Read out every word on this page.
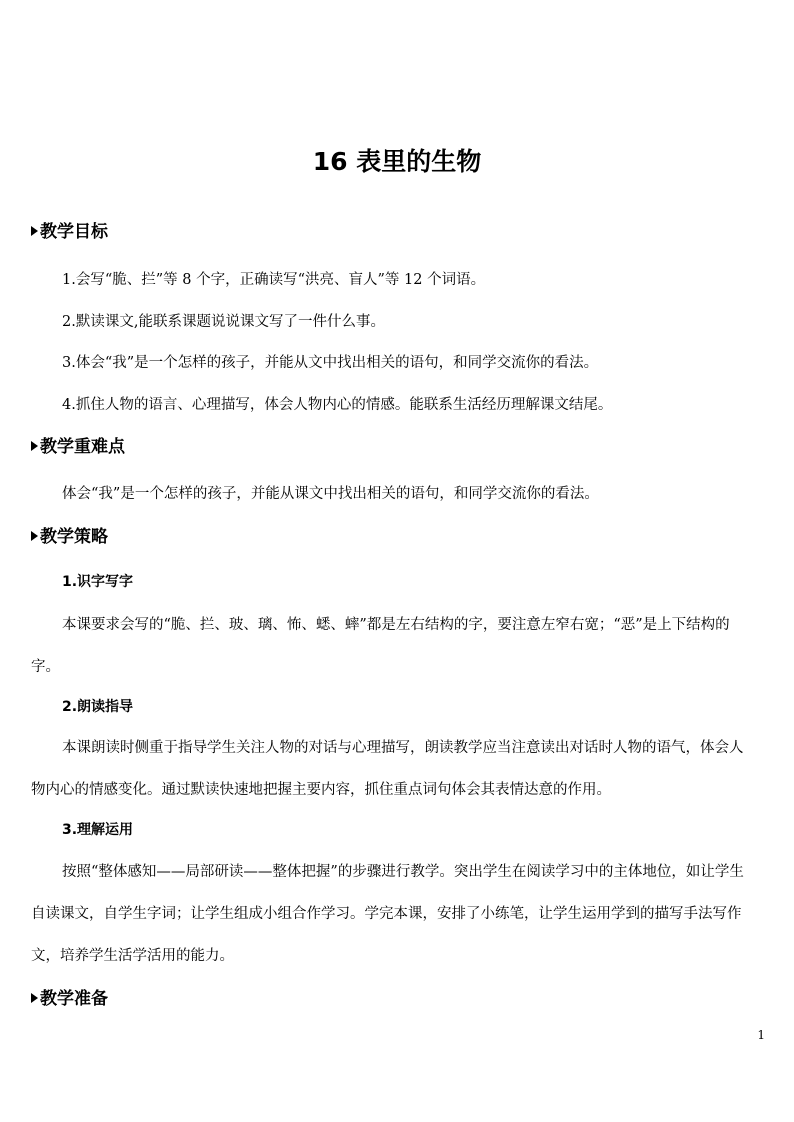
16 表里的生物
教学目标

1.会写“脆、拦”等 8 个字，正确读写“洪亮、盲人”等 12 个词语。

2.默读课文,能联系课题说说课文写了一件什么事。

3.体会“我”是一个怎样的孩子，并能从文中找出相关的语句，和同学交流你的看法。

4.抓住人物的语言、心理描写，体会人物内心的情感。能联系生活经历理解课文结尾。

教学重难点

体会“我”是一个怎样的孩子，并能从课文中找出相关的语句，和同学交流你的看法。

教学策略
1.识字写字

本课要求会写的“脆、拦、玻、璃、怖、蟋、蟀”都是左右结构的字，要注意左窄右宽；“恶”是上下结构的字。

2.朗读指导

本课朗读时侧重于指导学生关注人物的对话与心理描写，朗读教学应当注意读出对话时人物的语气，体会人物内心的情感变化。通过默读快速地把握主要内容，抓住重点词句体会其表情达意的作用。

3.理解运用

按照“整体感知——局部研读——整体把握”的步骤进行教学。突出学生在阅读学习中的主体地位，如让学生自读课文，自学生字词；让学生组成小组合作学习。学完本课，安排了小练笔，让学生运用学到的描写手法写作文，培养学生活学活用的能力。

教学准备
1
